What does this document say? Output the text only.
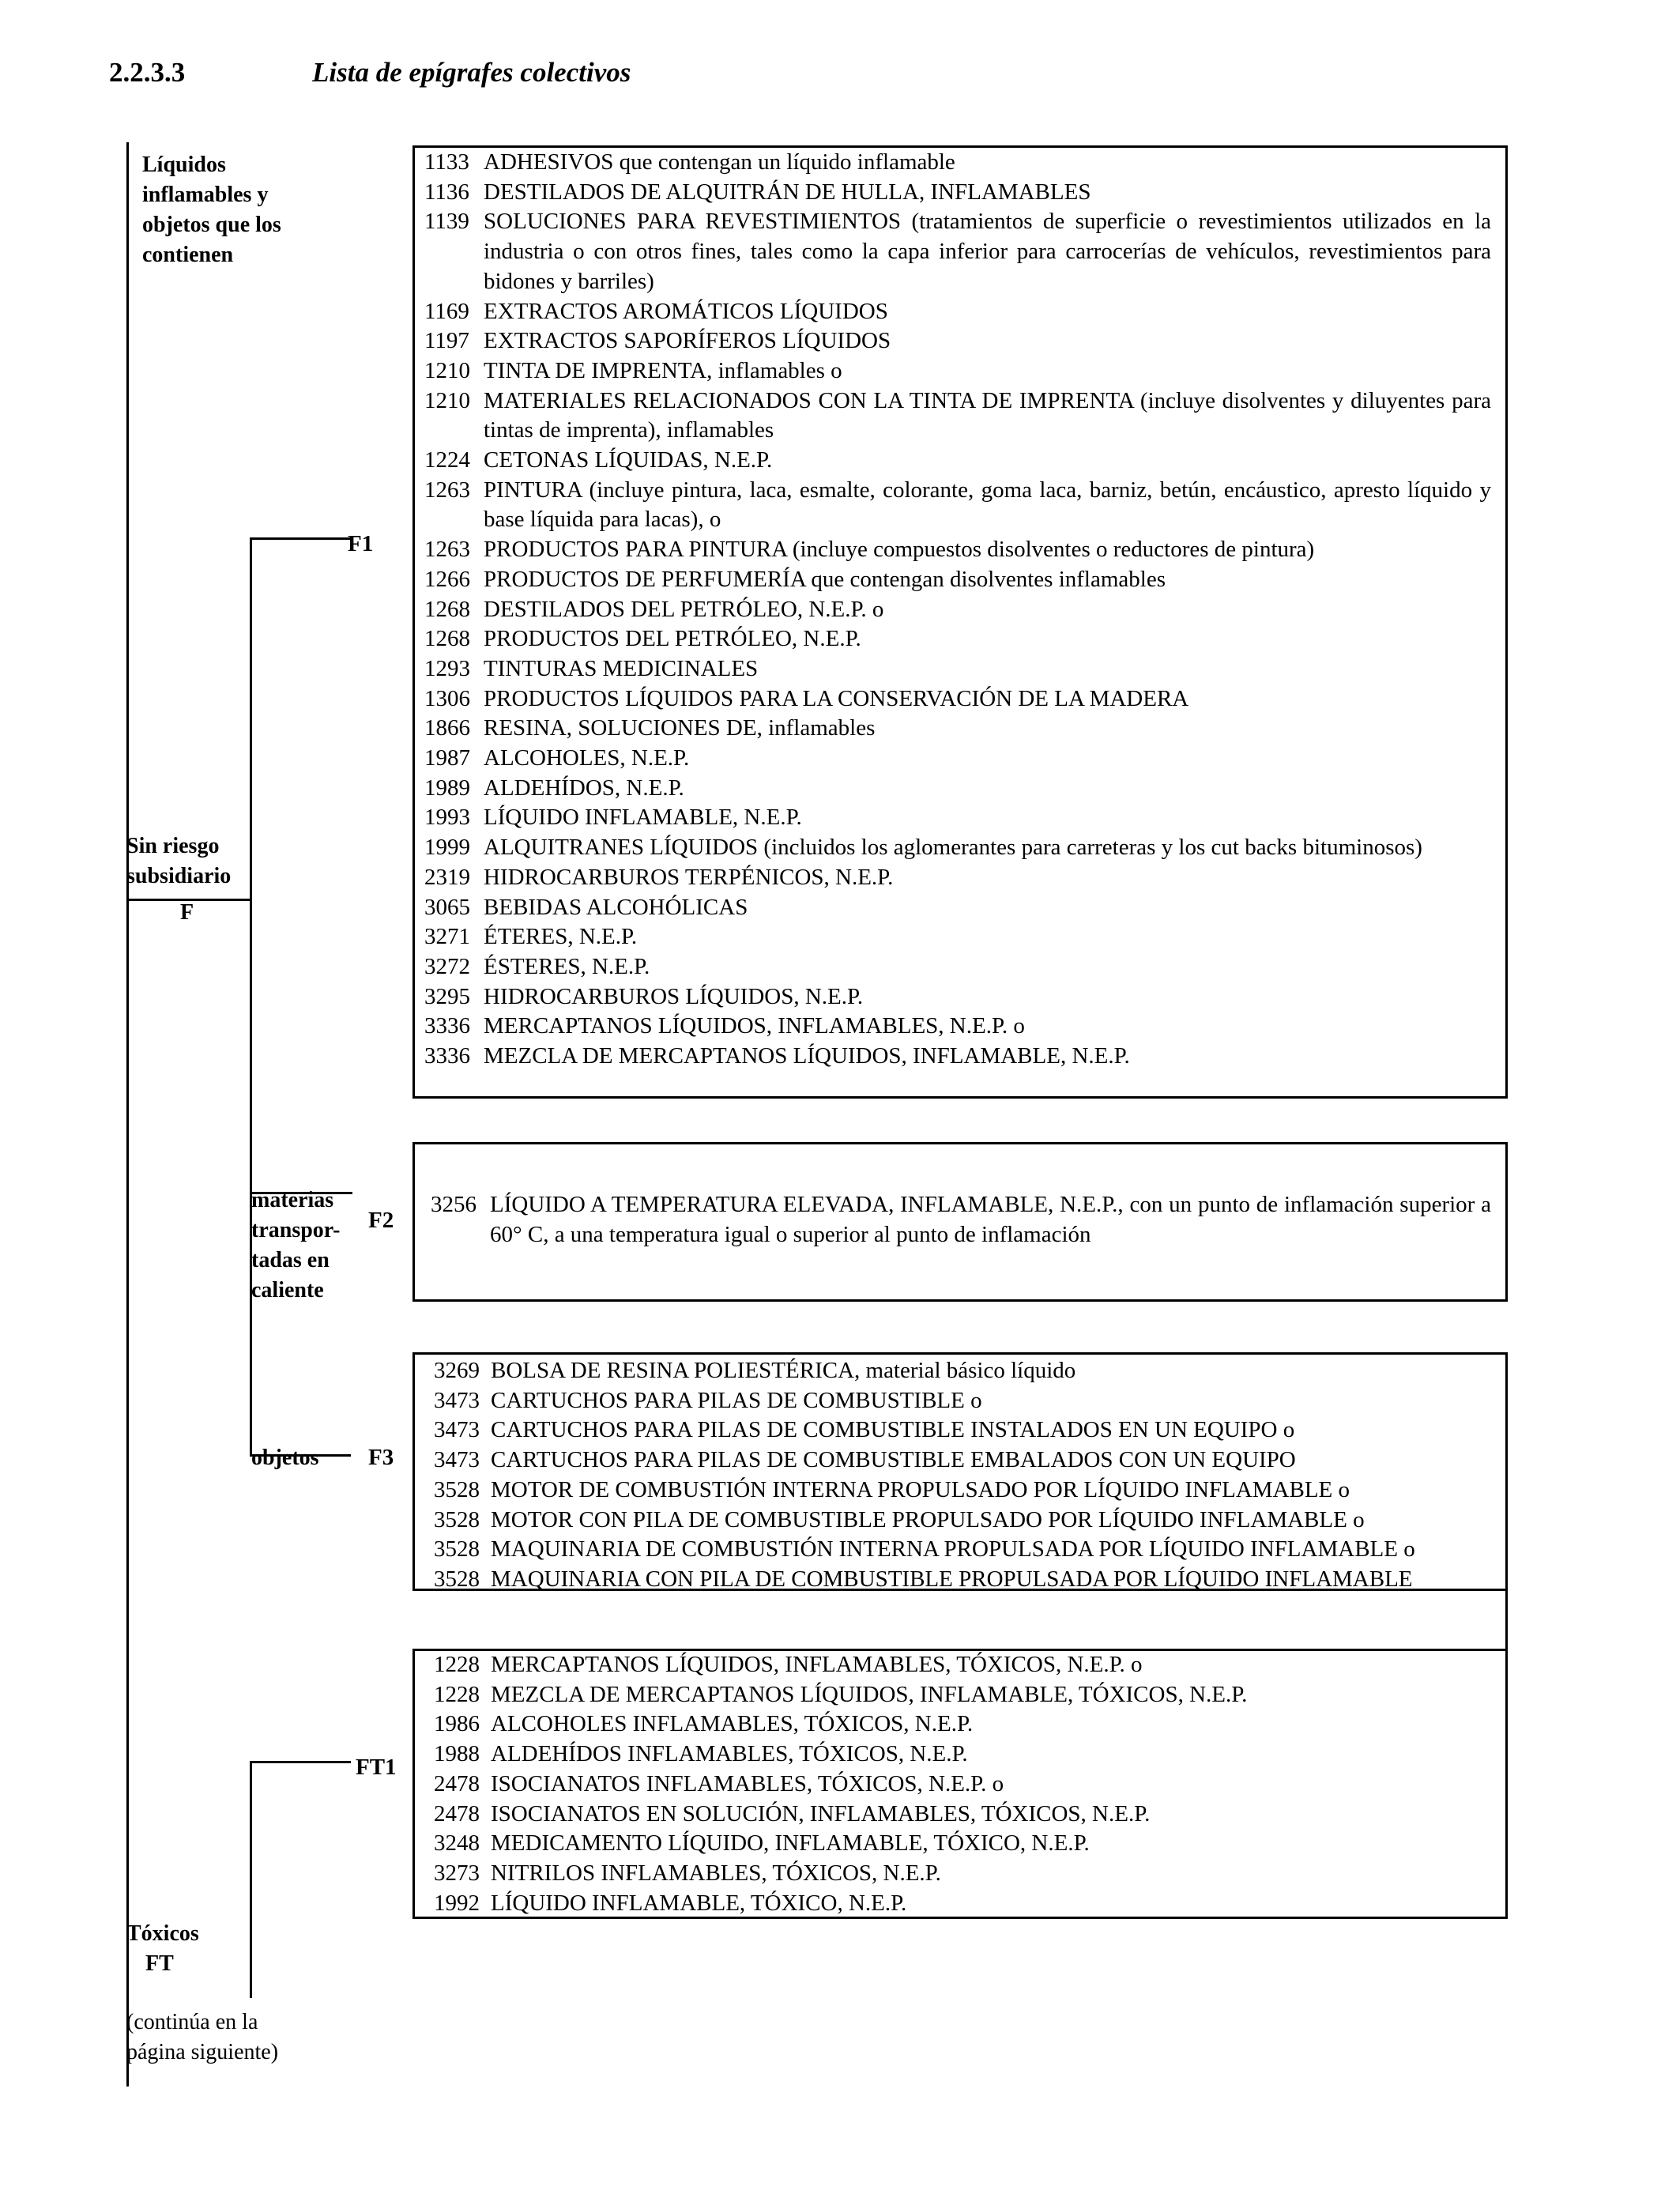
2.2.3.3	Lista de epígrafes colectivos
Líquidos
inflamables y
objetos que los
contienen
Sin riesgo
subsidiario
F
materias
transpor-
tadas en
caliente
objetos
Tóxicos
FT
(continúa en la
página siguiente)
F1
F2
F3
FT1
1133 ADHESIVOS que contengan un líquido inflamable
1136 DESTILADOS DE ALQUITRÁN DE HULLA, INFLAMABLES
1139 SOLUCIONES PARA REVESTIMIENTOS (tratamientos de superficie o revestimientos utilizados en la industria o con otros fines, tales como la capa inferior para carrocerías de vehículos, revestimientos para bidones y barriles)
1169 EXTRACTOS AROMÁTICOS LÍQUIDOS
1197 EXTRACTOS SAPORÍFEROS LÍQUIDOS
1210 TINTA DE IMPRENTA, inflamables o
1210 MATERIALES RELACIONADOS CON LA TINTA DE IMPRENTA (incluye disolventes y diluyentes para tintas de imprenta), inflamables
1224 CETONAS LÍQUIDAS, N.E.P.
1263 PINTURA (incluye pintura, laca, esmalte, colorante, goma laca, barniz, betún, encáustico, apresto líquido y base líquida para lacas), o
1263 PRODUCTOS PARA PINTURA (incluye compuestos disolventes o reductores de pintura)
1266 PRODUCTOS DE PERFUMERÍA que contengan disolventes inflamables
1268 DESTILADOS DEL PETRÓLEO, N.E.P. o
1268 PRODUCTOS DEL PETRÓLEO, N.E.P.
1293 TINTURAS MEDICINALES
1306 PRODUCTOS LÍQUIDOS PARA LA CONSERVACIÓN DE LA MADERA
1866 RESINA, SOLUCIONES DE, inflamables
1987 ALCOHOLES, N.E.P.
1989 ALDEHÍDOS, N.E.P.
1993 LÍQUIDO INFLAMABLE, N.E.P.
1999 ALQUITRANES LÍQUIDOS (incluidos los aglomerantes para carreteras y los cut backs bituminosos)
2319 HIDROCARBUROS TERPÉNICOS, N.E.P.
3065 BEBIDAS ALCOHÓLICAS
3271 ÉTERES, N.E.P.
3272 ÉSTERES, N.E.P.
3295 HIDROCARBUROS LÍQUIDOS, N.E.P.
3336 MERCAPTANOS LÍQUIDOS, INFLAMABLES, N.E.P. o
3336 MEZCLA DE MERCAPTANOS LÍQUIDOS, INFLAMABLE, N.E.P.
3256 LÍQUIDO A TEMPERATURA ELEVADA, INFLAMABLE, N.E.P., con un punto de inflamación superior a 60° C, a una temperatura igual o superior al punto de inflamación
3269 BOLSA DE RESINA POLIESTÉRICA, material básico líquido
3473 CARTUCHOS PARA PILAS DE COMBUSTIBLE o
3473 CARTUCHOS PARA PILAS DE COMBUSTIBLE INSTALADOS EN UN EQUIPO o
3473 CARTUCHOS PARA PILAS DE COMBUSTIBLE EMBALADOS CON UN EQUIPO
3528 MOTOR DE COMBUSTIÓN INTERNA PROPULSADO POR LÍQUIDO INFLAMABLE o
3528 MOTOR CON PILA DE COMBUSTIBLE PROPULSADO POR LÍQUIDO INFLAMABLE o
3528 MAQUINARIA DE COMBUSTIÓN INTERNA PROPULSADA POR LÍQUIDO INFLAMABLE o
3528 MAQUINARIA CON PILA DE COMBUSTIBLE PROPULSADA POR LÍQUIDO INFLAMABLE
1228 MERCAPTANOS LÍQUIDOS, INFLAMABLES, TÓXICOS, N.E.P. o
1228 MEZCLA DE MERCAPTANOS LÍQUIDOS, INFLAMABLE, TÓXICOS, N.E.P.
1986 ALCOHOLES INFLAMABLES, TÓXICOS, N.E.P.
1988 ALDEHÍDOS INFLAMABLES, TÓXICOS, N.E.P.
2478 ISOCIANATOS INFLAMABLES, TÓXICOS, N.E.P. o
2478 ISOCIANATOS EN SOLUCIÓN, INFLAMABLES, TÓXICOS, N.E.P.
3248 MEDICAMENTO LÍQUIDO, INFLAMABLE, TÓXICO, N.E.P.
3273 NITRILOS INFLAMABLES, TÓXICOS, N.E.P.
1992 LÍQUIDO INFLAMABLE, TÓXICO, N.E.P.
